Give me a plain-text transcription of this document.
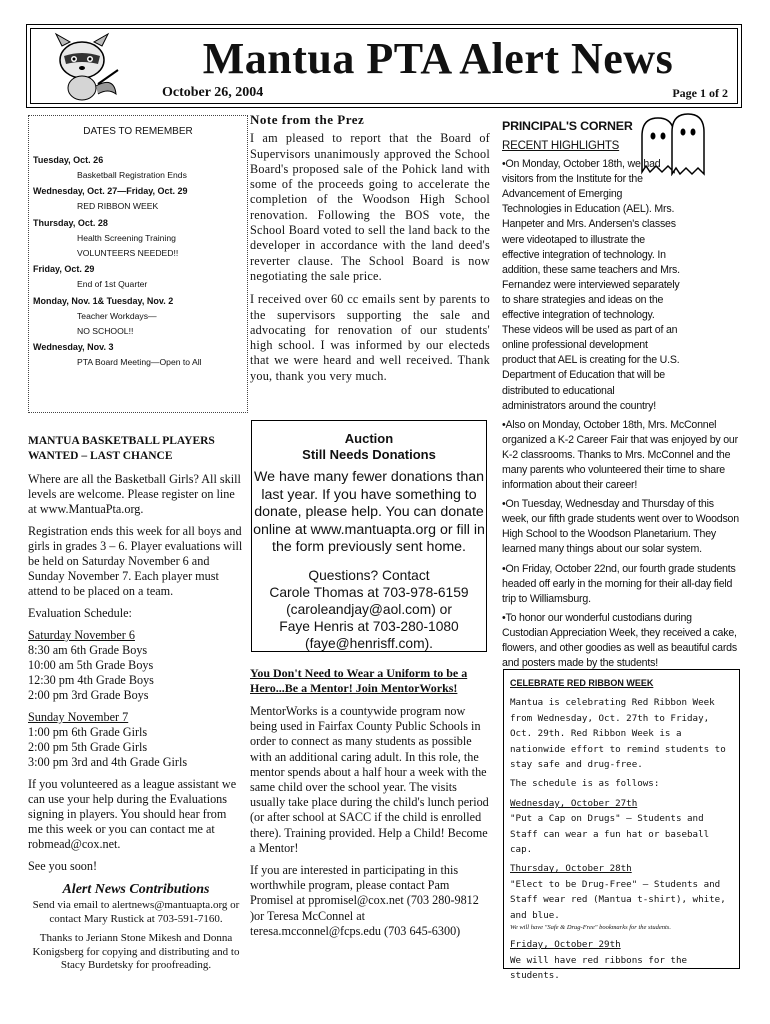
Mantua PTA Alert News
October 26, 2004	Page 1 of 2
DATES TO REMEMBER
Tuesday, Oct. 26
Basketball Registration Ends
Wednesday, Oct. 27—Friday, Oct. 29
RED RIBBON WEEK
Thursday, Oct. 28
Health Screening Training
VOLUNTEERS NEEDED!!
Friday, Oct. 29
End of 1st Quarter
Monday, Nov. 1& Tuesday, Nov. 2
Teacher Workdays—
NO SCHOOL!!
Wednesday, Nov. 3
PTA Board Meeting—Open to All
MANTUA BASKETBALL PLAYERS WANTED – LAST CHANCE

Where are all the Basketball Girls? All skill levels are welcome. Please register on line at www.MantuaPta.org.

Registration ends this week for all boys and girls in grades 3 – 6. Player evaluations will be held on Saturday November 6 and Sunday November 7. Each player must attend to be placed on a team.

Evaluation Schedule:

Saturday November 6
8:30 am 6th Grade Boys
10:00 am 5th Grade Boys
12:30 pm 4th Grade Boys

2:00 pm 3rd Grade Boys

Sunday November 7
1:00 pm 6th Grade Girls
2:00 pm 5th Grade Girls

3:00 pm 3rd and 4th Grade Girls

If you volunteered as a league assistant we can use your help during the Evaluations signing in players. You should hear from me this week or you can contact me at robmead@cox.net.

See you soon!

Alert News Contributions
Send via email to alertnews@mantuapta.org or contact Mary Rustick at 703-591-7160.
Thanks to Jeriann Stone Mikesh and Donna Konigsberg for copying and distributing and to Stacy Burdetsky for proofreading.
Note from the Prez

I am pleased to report that the Board of Supervisors unanimously approved the School Board's proposed sale of the Pohick land with some of the proceeds going to accelerate the completion of the Woodson High School renovation. Following the BOS vote, the School Board voted to sell the land back to the developer in accordance with the land deed's reverter clause. The School Board is now negotiating the sale price.

I received over 60 cc emails sent by parents to the supervisors supporting the sale and advocating for renovation of our students' high school. I was informed by our electeds that we were heard and well received. Thank you, thank you very much.

Auction
Still Needs Donations
We have many fewer donations than last year. If you have something to donate, please help. You can donate online at www.mantuapta.org or fill in the form previously sent home.
Questions? Contact
Carole Thomas at 703-978-6159
(caroleandjay@aol.com) or
Faye Henris at 703-280-1080
(faye@henrisff.com).
You Don't Need to Wear a Uniform to be a Hero...Be a Mentor! Join MentorWorks!

MentorWorks is a countywide program now being used in Fairfax County Public Schools in order to connect as many students as possible with an additional caring adult. In this role, the mentor spends about a half hour a week with the same child over the school year. The visits usually take place during the child's lunch period (or after school at SACC if the child is enrolled there). Training provided. Help a Child! Become a Mentor!

If you are interested in participating in this worthwhile program, please contact Pam Promisel at ppromisel@cox.net (703 280-9812 )or Teresa McConnel at teresa.mcconnel@fcps.edu (703 645-6300)

PRINCIPAL'S CORNER
RECENT HIGHLIGHTS

•On Monday, October 18th, we had visitors from the Institute for the Advancement of Emerging Technologies in Education (AEL). Mrs. Hanpeter and Mrs. Andersen's classes were videotaped to illustrate the effective integration of technology. In addition, these same teachers and Mrs. Fernandez were interviewed separately to share strategies and ideas on the effective integration of technology. These videos will be used as part of an online professional development product that AEL is creating for the U.S. Department of Education that will be distributed to educational administrators around the country!

•Also on Monday, October 18th, Mrs. McConnel organized a K-2 Career Fair that was enjoyed by our K-2 classrooms. Thanks to Mrs. McConnel and the many parents who volunteered their time to share information about their career!

•On Tuesday, Wednesday and Thursday of this week, our fifth grade students went over to Woodson High School to the Woodson Planetarium. They learned many things about our solar system.

•On Friday, October 22nd, our fourth grade students headed off early in the morning for their all-day field trip to Williamsburg.

•To honor our wonderful custodians during Custodian Appreciation Week, they received a cake, flowers, and other goodies as well as beautiful cards and posters made by the students!

CELEBRATE RED RIBBON WEEK

Mantua is celebrating Red Ribbon Week from Wednesday, Oct. 27th to Friday, Oct. 29th. Red Ribbon Week is a nationwide effort to remind students to stay safe and drug-free.

The schedule is as follows:

Wednesday, October 27th

"Put a Cap on Drugs" – Students and Staff can wear a fun hat or baseball cap.

Thursday, October 28th
"Elect to be Drug-Free" – Students and Staff wear red (Mantua t-shirt), white, and blue.

We will have "Safe & Drug-Free" bookmarks for the students.

Friday, October 29th
We will have red ribbons for the students.
